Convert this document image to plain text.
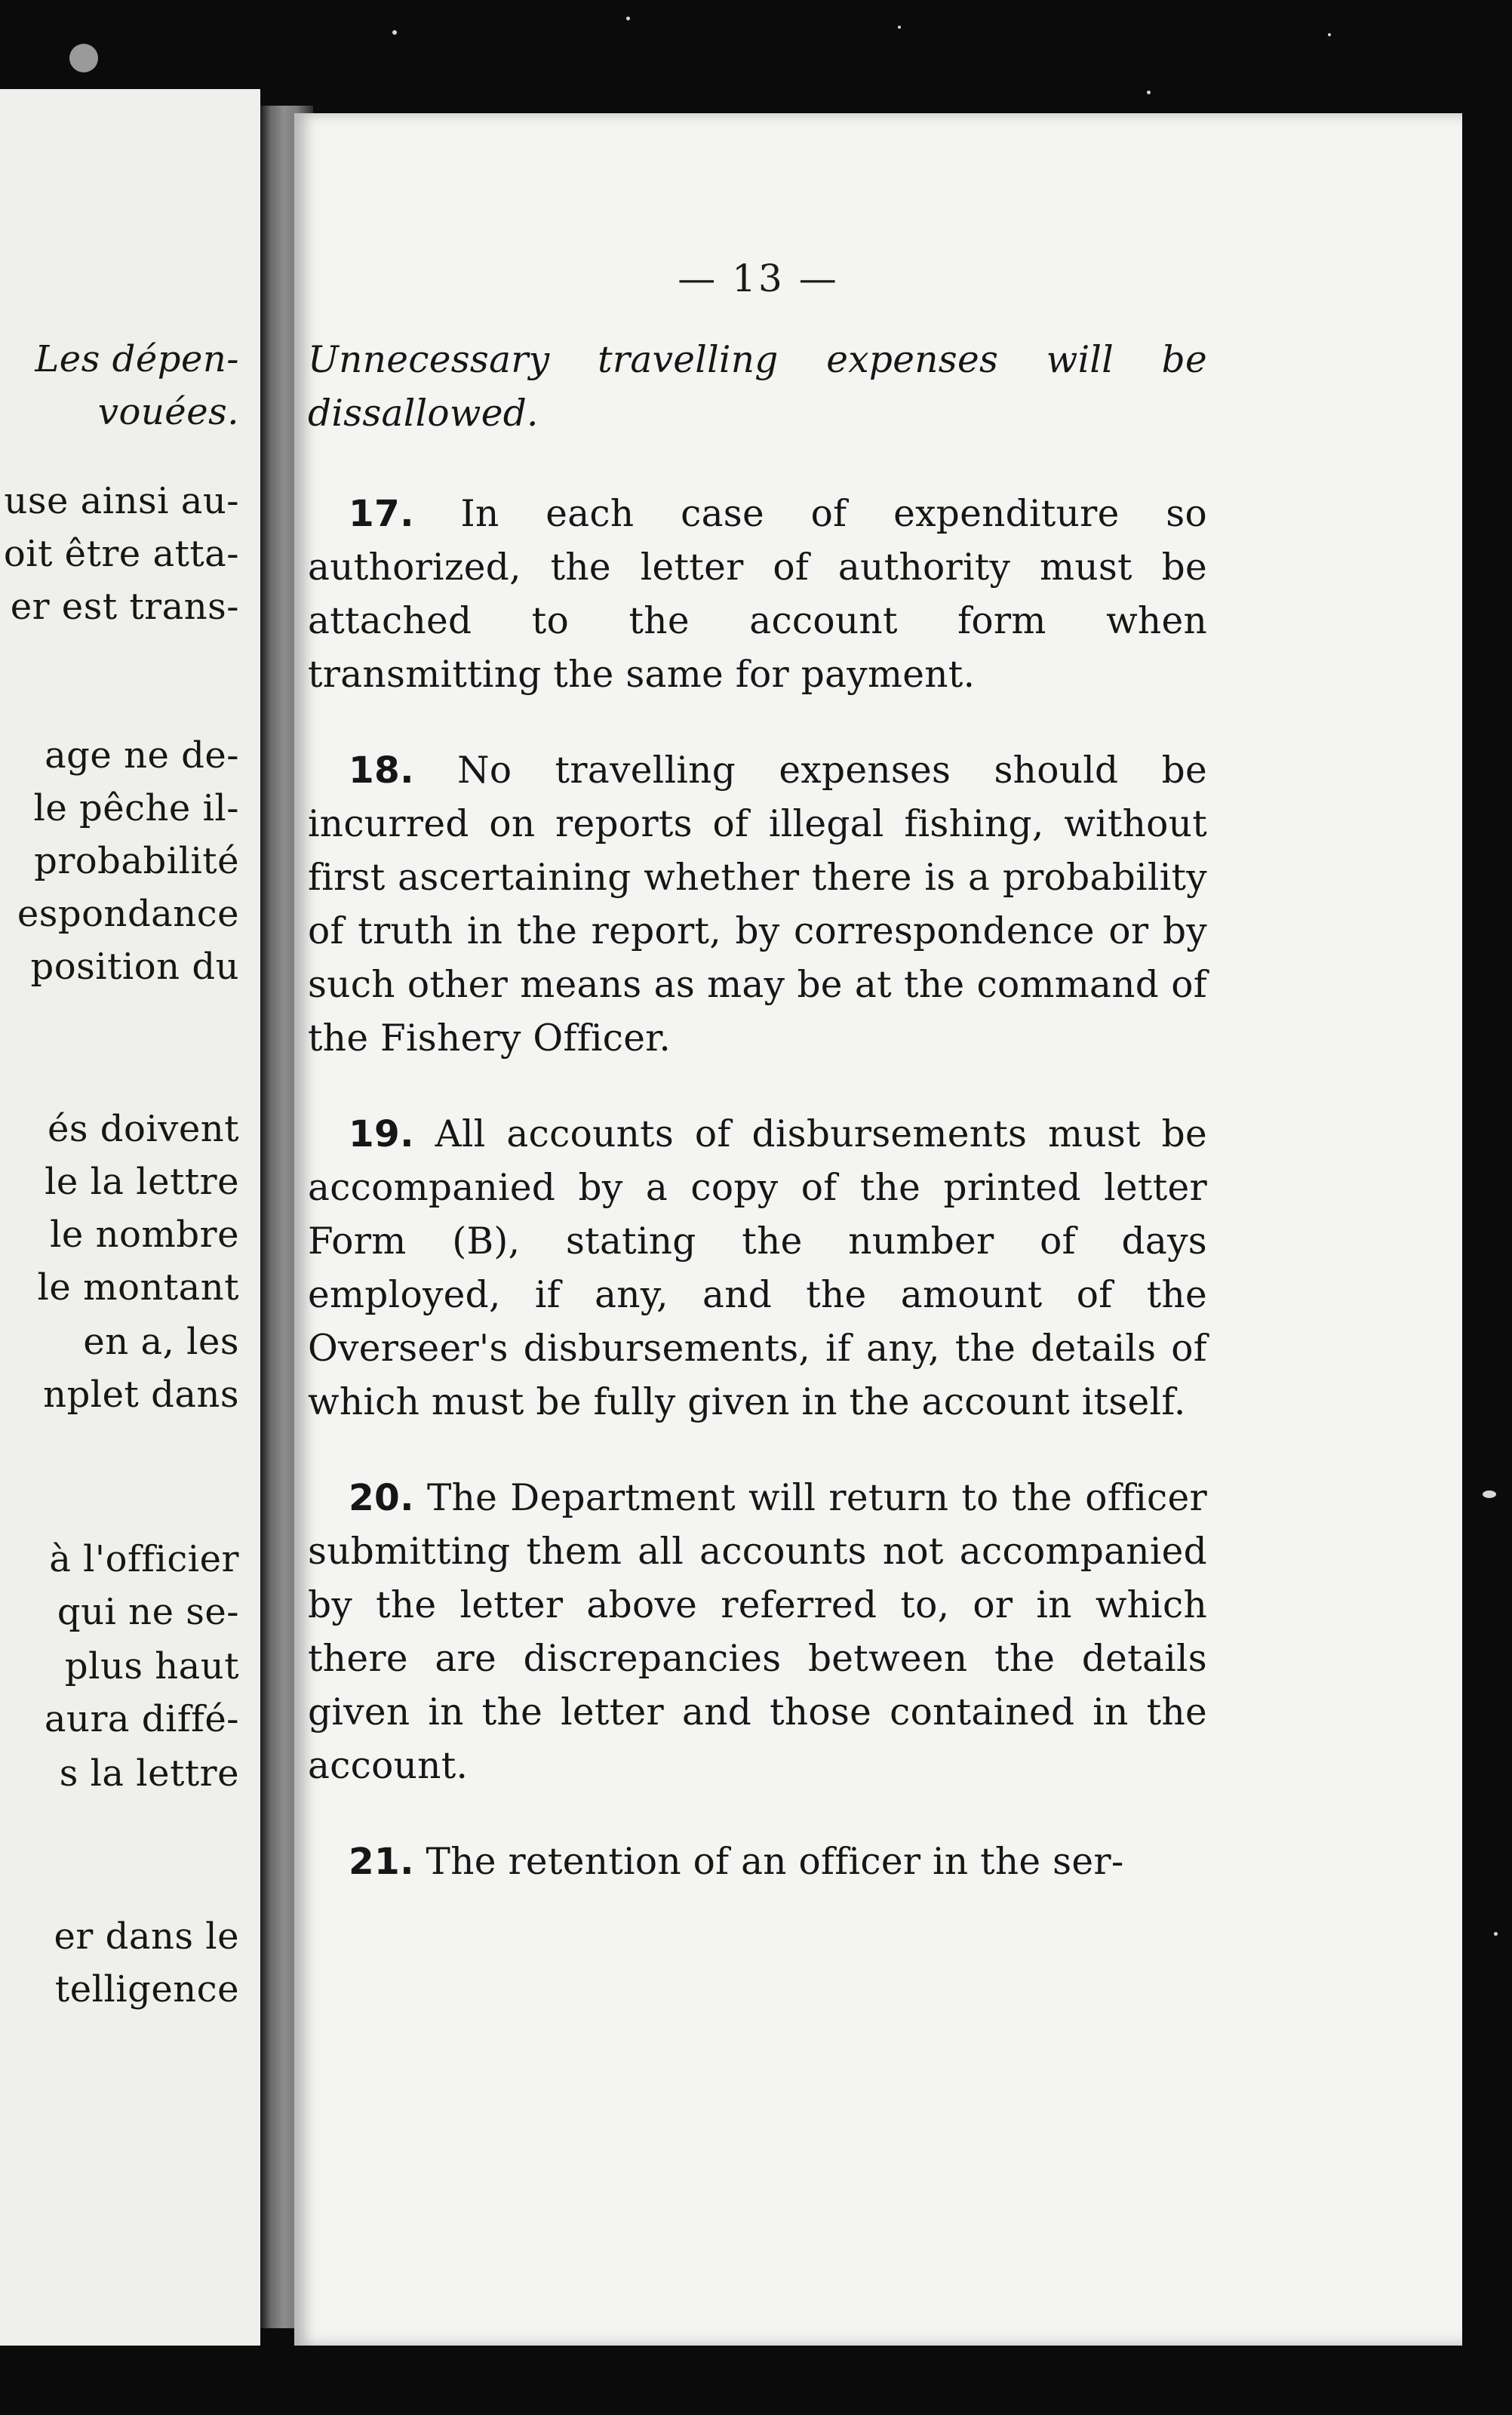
Les dépen-
vouées.
use ainsi au-
oit être atta-
er est trans-
age ne de-
le pêche il-
probabilité
espondance
position du
és doivent
le la lettre
le nombre
le montant
en a, les
nplet dans
à l'officier
qui ne se-
plus haut
aura diffé-
s la lettre
er dans le
telligence
— 13 —

Unnecessary travelling expenses will be dissallowed.

17. In each case of expenditure so authorized, the letter of authority must be attached to the account form when transmitting the same for payment.

18. No travelling expenses should be incurred on reports of illegal fishing, without first ascertaining whether there is a probability of truth in the report, by correspondence or by such other means as may be at the command of the Fishery Officer.

19. All accounts of disbursements must be accompanied by a copy of the printed letter Form (B), stating the number of days employed, if any, and the amount of the Overseer's disbursements, if any, the details of which must be fully given in the account itself.

20. The Department will return to the officer submitting them all accounts not accompanied by the letter above referred to, or in which there are discrepancies between the details given in the letter and those contained in the account.

21. The retention of an officer in the ser-
